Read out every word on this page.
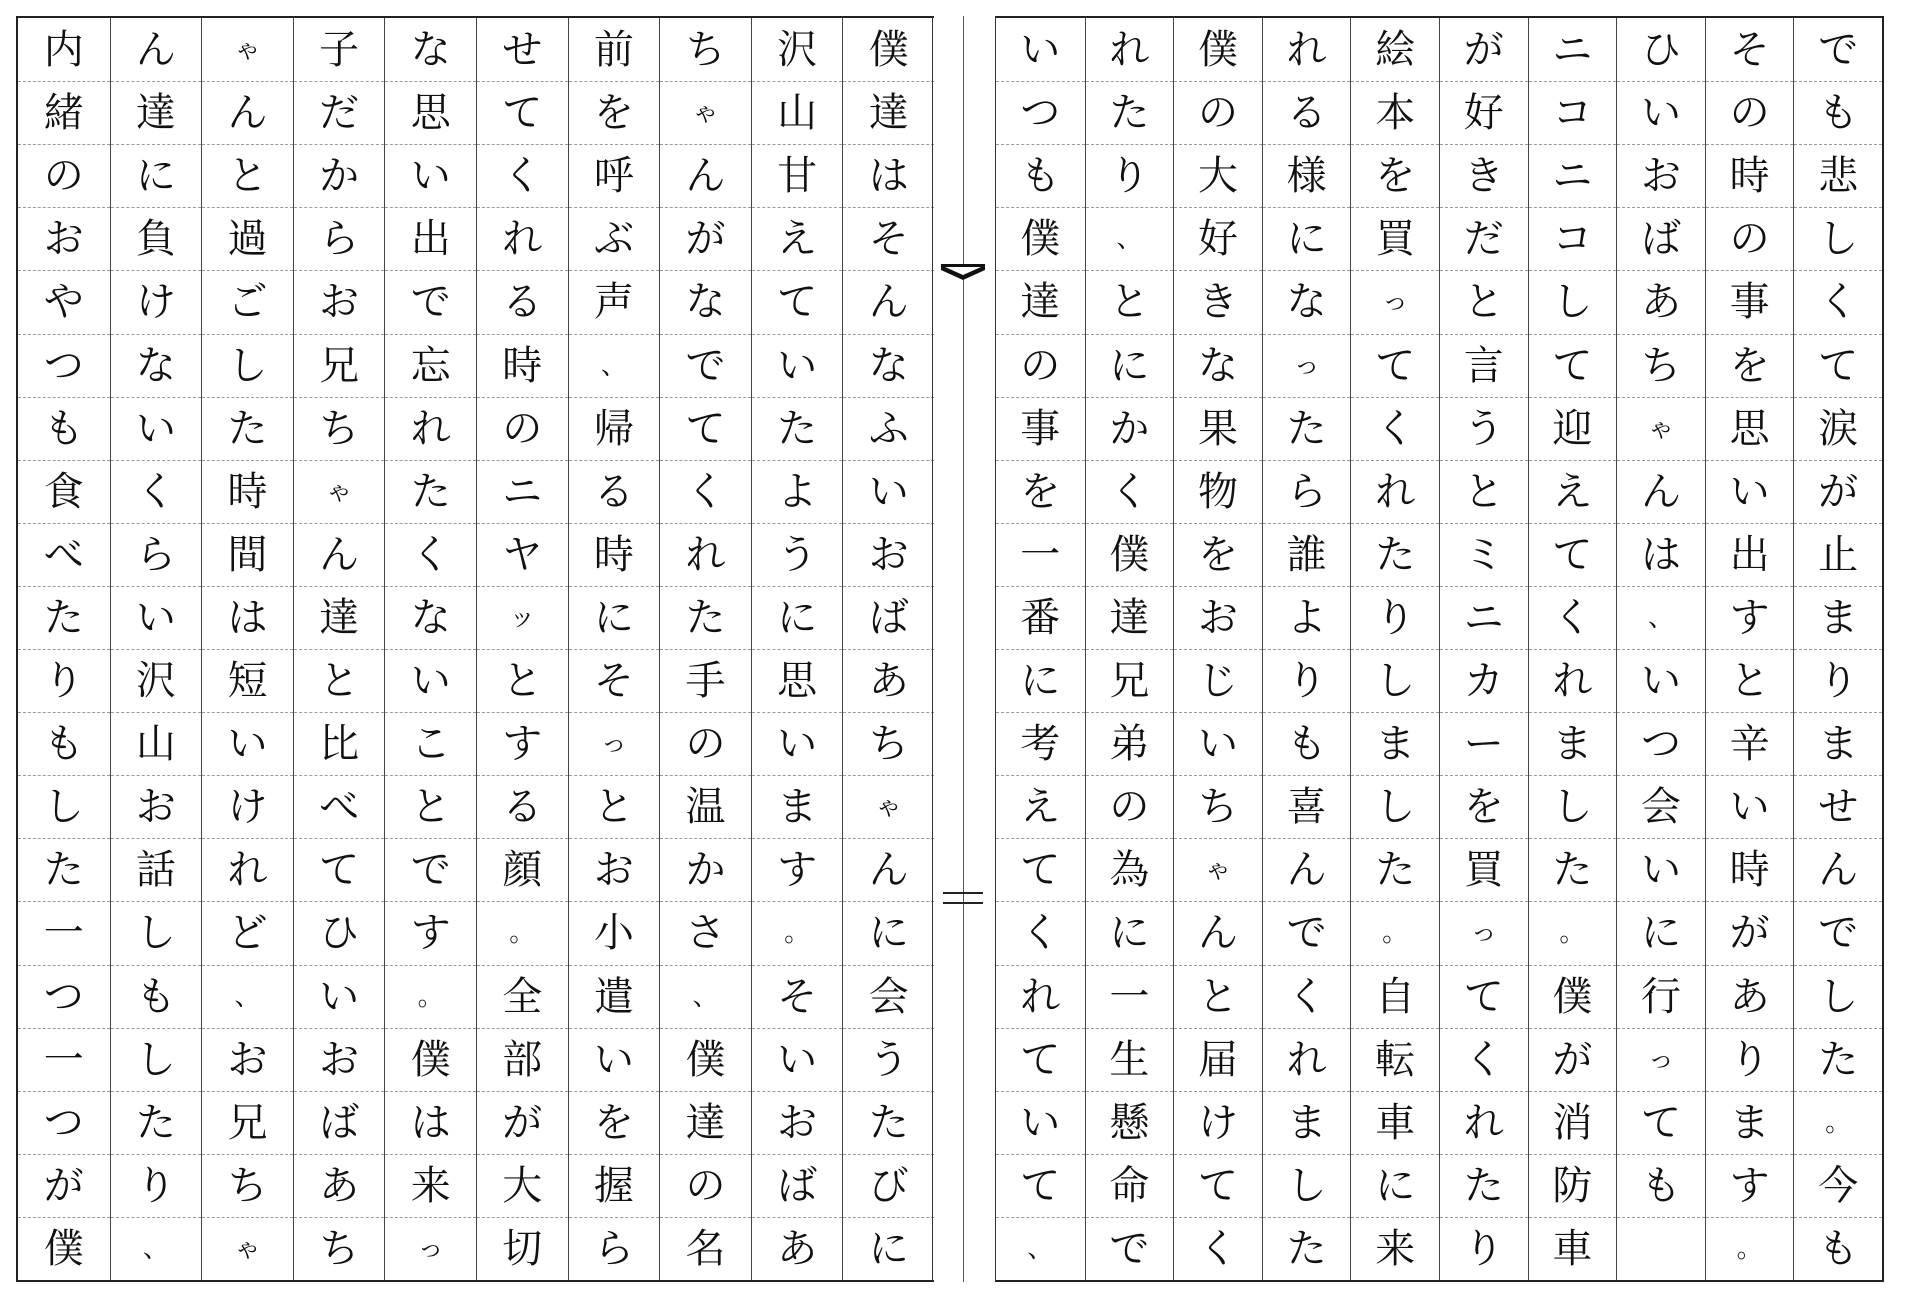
僕
達
は
そ
ん
な
ふ
い
お
ば
あ
ち
ゃ
ん
に
会
う
た
び
に
沢
山
甘
え
て
い
た
よ
う
に
思
い
ま
す
。
そ
い
お
ば
あ
ち
ゃ
ん
が
な
で
て
く
れ
た
手
の
温
か
さ
、
僕
達
の
名
前
を
呼
ぶ
声
、
帰
る
時
に
そ
っ
と
お
小
遣
い
を
握
ら
せ
て
く
れ
る
時
の
ニ
ヤ
ッ
と
す
る
顔
。
全
部
が
大
切
な
思
い
出
で
忘
れ
た
く
な
い
こ
と
で
す
。
僕
は
来
っ
子
だ
か
ら
お
兄
ち
ゃ
ん
達
と
比
べ
て
ひ
い
お
ば
あ
ち
ゃ
ん
と
過
ご
し
た
時
間
は
短
い
け
れ
ど
、
お
兄
ち
ゃ
ん
達
に
負
け
な
い
く
ら
い
沢
山
お
話
し
も
し
た
り
、
内
緒
の
お
や
つ
も
食
べ
た
り
も
し
た
一
つ
一
つ
が
僕
で
も
悲
し
く
て
涙
が
止
ま
り
ま
せ
ん
で
し
た
。
今
も
そ
の
時
の
事
を
思
い
出
す
と
辛
い
時
が
あ
り
ま
す
。
ひ
い
お
ば
あ
ち
ゃ
ん
は
、
い
つ
会
い
に
行
っ
て
も
ニ
コ
ニ
コ
し
て
迎
え
て
く
れ
ま
し
た
。
僕
が
消
防
車
が
好
き
だ
と
言
う
と
ミ
ニ
カ
ー
を
買
っ
て
く
れ
た
り
絵
本
を
買
っ
て
く
れ
た
り
し
ま
し
た
。
自
転
車
に
来
れ
る
様
に
な
っ
た
ら
誰
よ
り
も
喜
ん
で
く
れ
ま
し
た
僕
の
大
好
き
な
果
物
を
お
じ
い
ち
ゃ
ん
と
届
け
て
く
れ
た
り
、
と
に
か
く
僕
達
兄
弟
の
為
に
一
生
懸
命
で
い
つ
も
僕
達
の
事
を
一
番
に
考
え
て
く
れ
て
い
て
、
